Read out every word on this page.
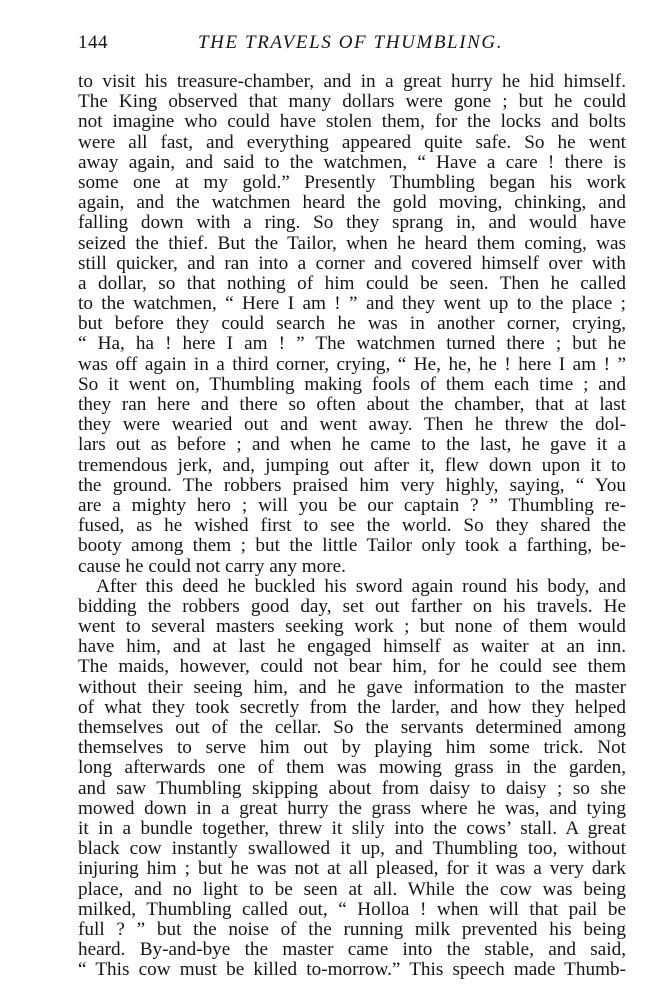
144	THE TRAVELS OF THUMBLING.
to visit his treasure-chamber, and in a great hurry he hid himself.
The King observed that many dollars were gone ; but he could
not imagine who could have stolen them, for the locks and bolts
were all fast, and everything appeared quite safe. So he went
away again, and said to the watchmen, “ Have a care ! there is
some one at my gold.” Presently Thumbling began his work
again, and the watchmen heard the gold moving, chinking, and
falling down with a ring. So they sprang in, and would have
seized the thief. But the Tailor, when he heard them coming, was
still quicker, and ran into a corner and covered himself over with
a dollar, so that nothing of him could be seen. Then he called
to the watchmen, “ Here I am ! ” and they went up to the place ;
but before they could search he was in another corner, crying,
“ Ha, ha ! here I am ! ” The watchmen turned there ; but he
was off again in a third corner, crying, “ He, he, he ! here I am ! ”
So it went on, Thumbling making fools of them each time ; and
they ran here and there so often about the chamber, that at last
they were wearied out and went away. Then he threw the dol-
lars out as before ; and when he came to the last, he gave it a
tremendous jerk, and, jumping out after it, flew down upon it to
the ground. The robbers praised him very highly, saying, “ You
are a mighty hero ; will you be our captain ? ” Thumbling re-
fused, as he wished first to see the world. So they shared the
booty among them ; but the little Tailor only took a farthing, be-
cause he could not carry any more.
After this deed he buckled his sword again round his body, and
bidding the robbers good day, set out farther on his travels. He
went to several masters seeking work ; but none of them would
have him, and at last he engaged himself as waiter at an inn.
The maids, however, could not bear him, for he could see them
without their seeing him, and he gave information to the master
of what they took secretly from the larder, and how they helped
themselves out of the cellar. So the servants determined among
themselves to serve him out by playing him some trick. Not
long afterwards one of them was mowing grass in the garden,
and saw Thumbling skipping about from daisy to daisy ; so she
mowed down in a great hurry the grass where he was, and tying
it in a bundle together, threw it slily into the cows’ stall. A great
black cow instantly swallowed it up, and Thumbling too, without
injuring him ; but he was not at all pleased, for it was a very dark
place, and no light to be seen at all. While the cow was being
milked, Thumbling called out, “ Holloa ! when will that pail be
full ? ” but the noise of the running milk prevented his being
heard. By-and-bye the master came into the stable, and said,
“ This cow must be killed to-morrow.” This speech made Thumb-
